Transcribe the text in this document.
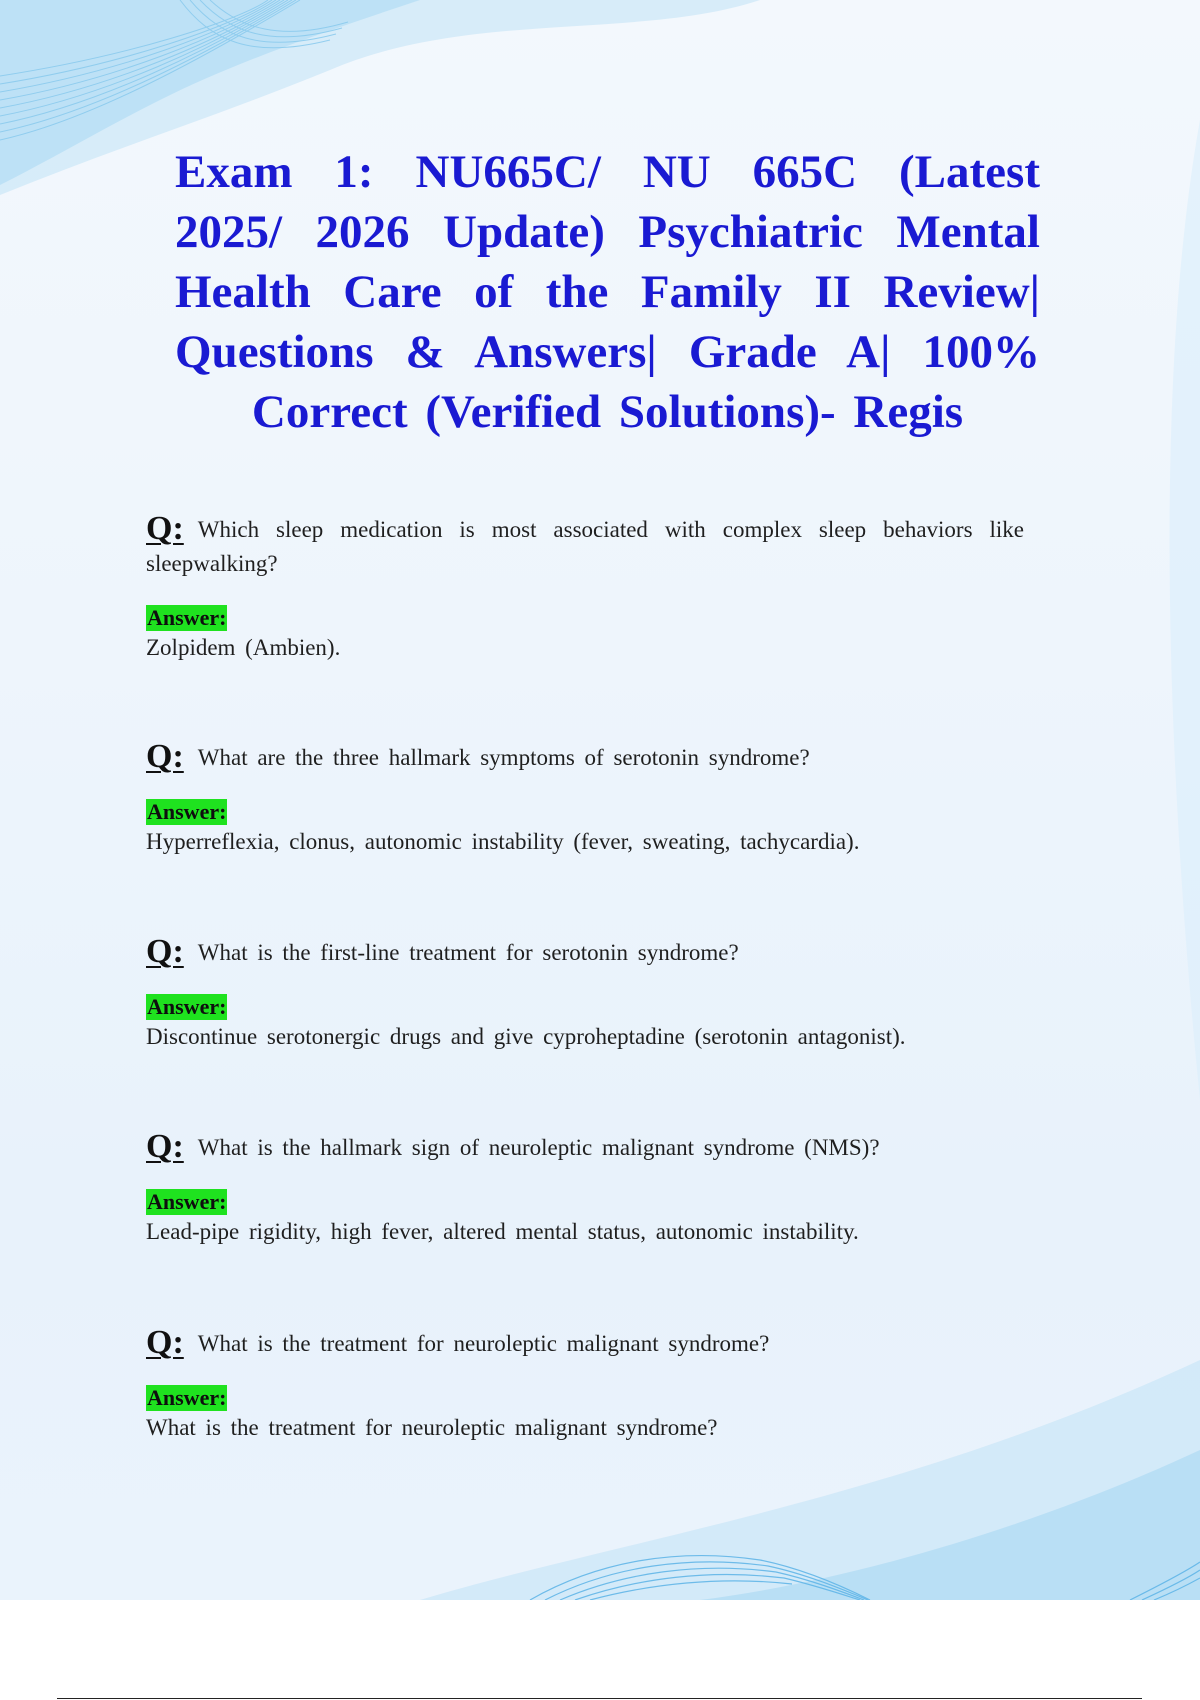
Exam 1: NU665C/ NU 665C (Latest 2025/ 2026 Update) Psychiatric Mental Health Care of the Family II Review| Questions & Answers| Grade A| 100% Correct (Verified Solutions)- Regis
Q: Which sleep medication is most associated with complex sleep behaviors like sleepwalking?
Answer:
Zolpidem (Ambien).
Q: What are the three hallmark symptoms of serotonin syndrome?
Answer:
Hyperreflexia, clonus, autonomic instability (fever, sweating, tachycardia).
Q: What is the first-line treatment for serotonin syndrome?
Answer:
Discontinue serotonergic drugs and give cyproheptadine (serotonin antagonist).
Q: What is the hallmark sign of neuroleptic malignant syndrome (NMS)?
Answer:
Lead-pipe rigidity, high fever, altered mental status, autonomic instability.
Q: What is the treatment for neuroleptic malignant syndrome?
Answer:
What is the treatment for neuroleptic malignant syndrome?
